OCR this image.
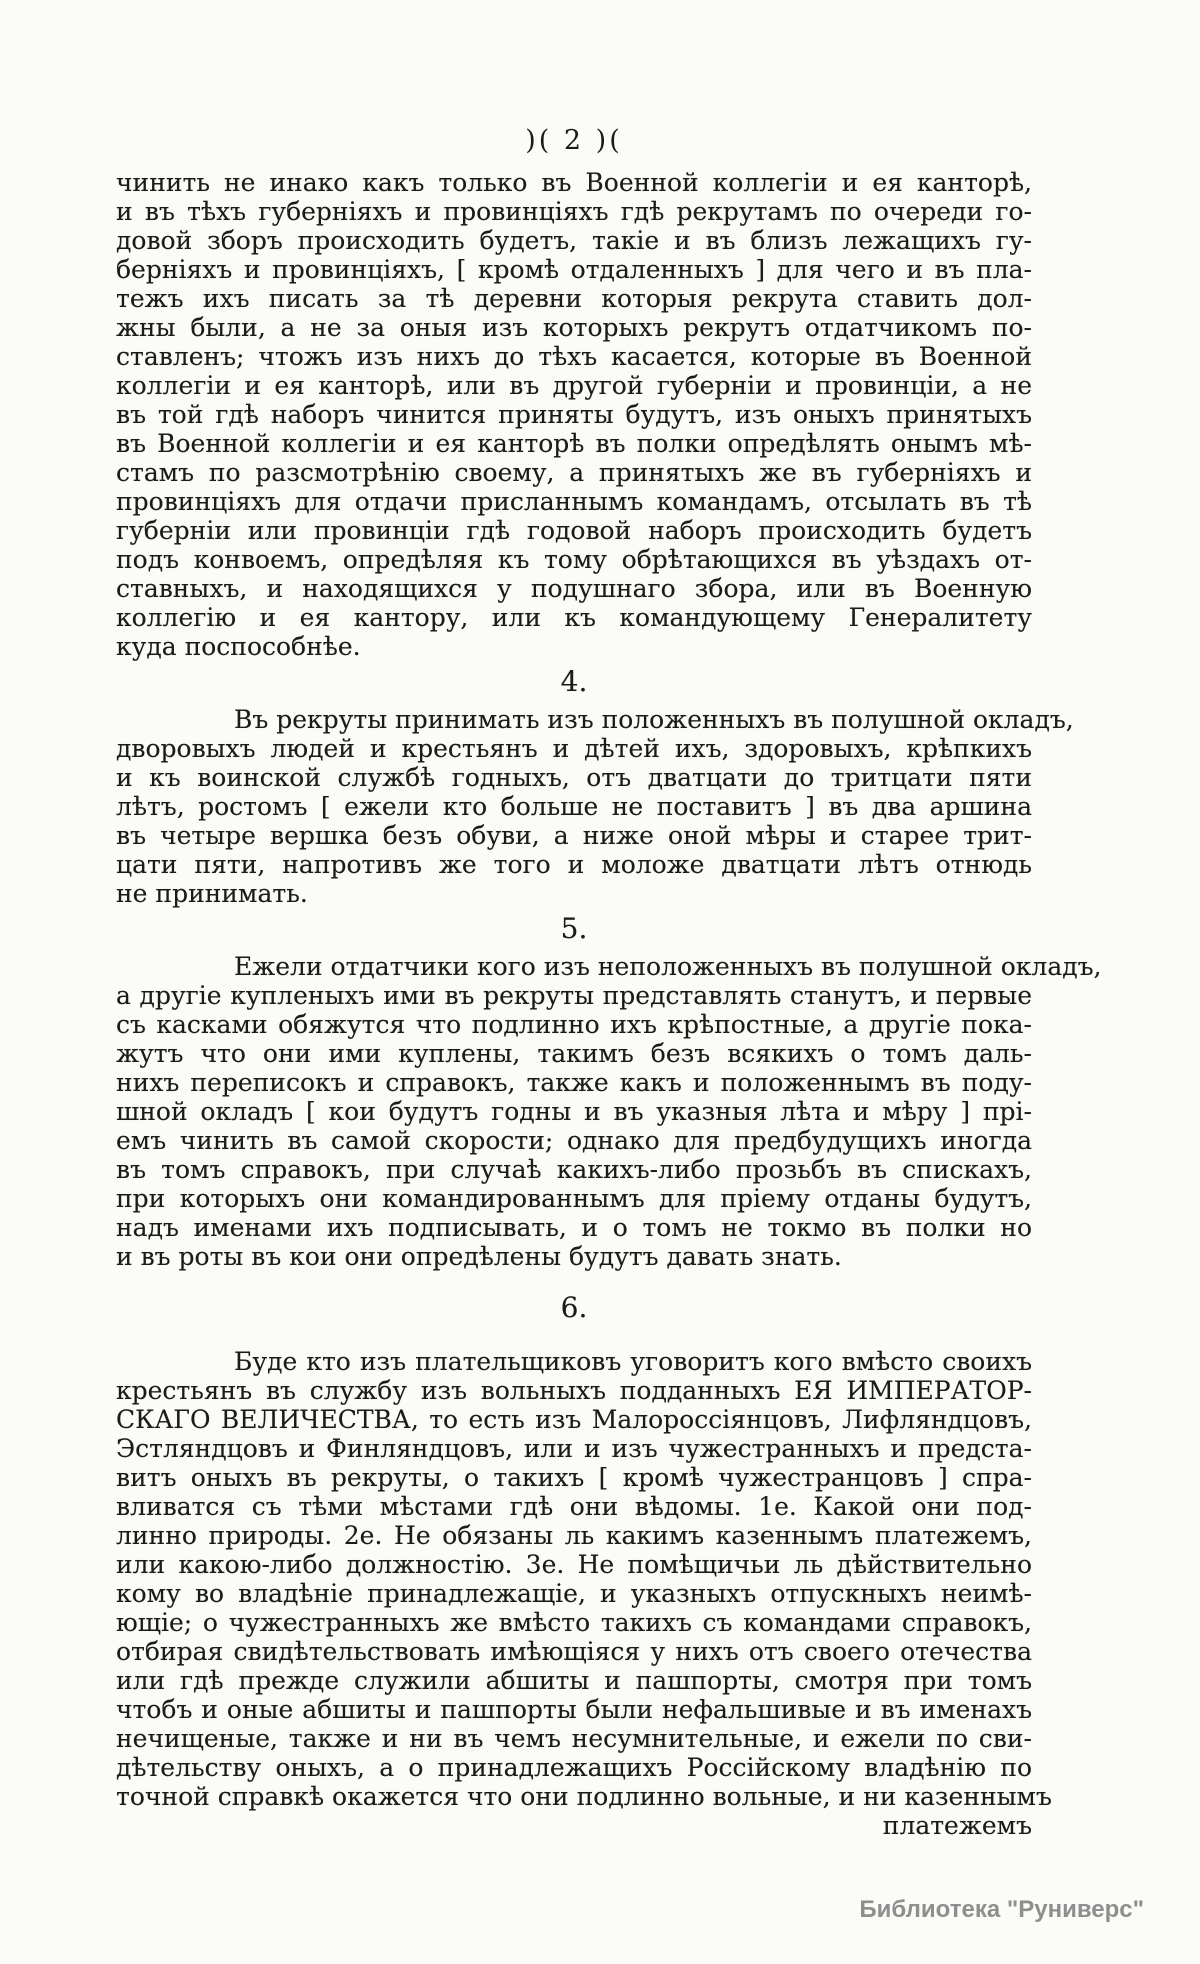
)( 2 )(
чинить не инако какъ только въ Военной коллегіи и ея канторѣ,
и въ тѣхъ губерніяхъ и провинціяхъ гдѣ рекрутамъ по очереди го-
довой зборъ происходить будетъ, такіе и въ близъ лежащихъ гу-
берніяхъ и провинціяхъ, [ кромѣ отдаленныхъ ] для чего и въ пла-
тежъ ихъ писать за тѣ деревни которыя рекрута ставить дол-
жны были, а не за оныя изъ которыхъ рекрутъ отдатчикомъ по-
ставленъ; чтожъ изъ нихъ до тѣхъ касается, которые въ Военной
коллегіи и ея канторѣ, или въ другой губерніи и провинціи, а не
въ той гдѣ наборъ чинится приняты будутъ, изъ оныхъ принятыхъ
въ Военной коллегіи и ея канторѣ въ полки опредѣлять онымъ мѣ-
стамъ по разсмотрѣнію своему, а принятыхъ же въ губерніяхъ и
провинціяхъ для отдачи присланнымъ командамъ, отсылать въ тѣ
губерніи или провинціи гдѣ годовой наборъ происходить будетъ
подъ конвоемъ, опредѣляя къ тому обрѣтающихся въ уѣздахъ от-
ставныхъ, и находящихся у подушнаго збора, или въ Военную
коллегію и ея кантору, или къ командующему Генералитету
куда поспособнѣе.
4.
Въ рекруты принимать изъ положенныхъ въ полушной окладъ,
дворовыхъ людей и крестьянъ и дѣтей ихъ, здоровыхъ, крѣпкихъ
и къ воинской службѣ годныхъ, отъ дватцати до тритцати пяти
лѣтъ, ростомъ [ ежели кто больше не поставитъ ] въ два аршина
въ четыре вершка безъ обуви, а ниже оной мѣры и старее трит-
цати пяти, напротивъ же того и моложе дватцати лѣтъ отнюдь
не принимать.
5.
Ежели отдатчики кого изъ неположенныхъ въ полушной окладъ,
а другіе купленыхъ ими въ рекруты представлять станутъ, и первые
съ касками обяжутся что подлинно ихъ крѣпостные, а другіе пока-
жутъ что они ими куплены, такимъ безъ всякихъ о томъ даль-
нихъ переписокъ и справокъ, также какъ и положеннымъ въ поду-
шной окладъ [ кои будутъ годны и въ указныя лѣта и мѣру ] прі-
емъ чинить въ самой скорости; однако для предбудущихъ иногда
въ томъ справокъ, при случаѣ какихъ-либо прозьбъ въ спискахъ,
при которыхъ они командированнымъ для пріему отданы будутъ,
надъ именами ихъ подписывать, и о томъ не токмо въ полки но
и въ роты въ кои они опредѣлены будутъ давать знать.
6.
Буде кто изъ плательщиковъ уговоритъ кого вмѣсто своихъ
крестьянъ въ службу изъ вольныхъ подданныхъ ЕЯ ИМПЕРАТОР-
СКАГО ВЕЛИЧЕСТВА, то есть изъ Малороссіянцовъ, Лифляндцовъ,
Эстляндцовъ и Финляндцовъ, или и изъ чужестранныхъ и предста-
витъ оныхъ въ рекруты, о такихъ [ кромѣ чужестранцовъ ] спра-
вливатся съ тѣми мѣстами гдѣ они вѣдомы. 1е. Какой они под-
линно природы. 2е. Не обязаны ль какимъ казеннымъ платежемъ,
или какою-либо должностію. 3е. Не помѣщичьи ль дѣйствительно
кому во владѣніе принадлежащіе, и указныхъ отпускныхъ неимѣ-
ющіе; о чужестранныхъ же вмѣсто такихъ съ командами справокъ,
отбирая свидѣтельствовать имѣющіяся у нихъ отъ своего отечества
или гдѣ прежде служили абшиты и пашпорты, смотря при томъ
чтобъ и оные абшиты и пашпорты были нефальшивые и въ именахъ
нечищеные, также и ни въ чемъ несумнительные, и ежели по сви-
дѣтельству оныхъ, а о принадлежащихъ Россійскому владѣнію по
точной справкѣ окажется что они подлинно вольные, и ни казеннымъ
платежемъ
Библиотека "Руниверс"
